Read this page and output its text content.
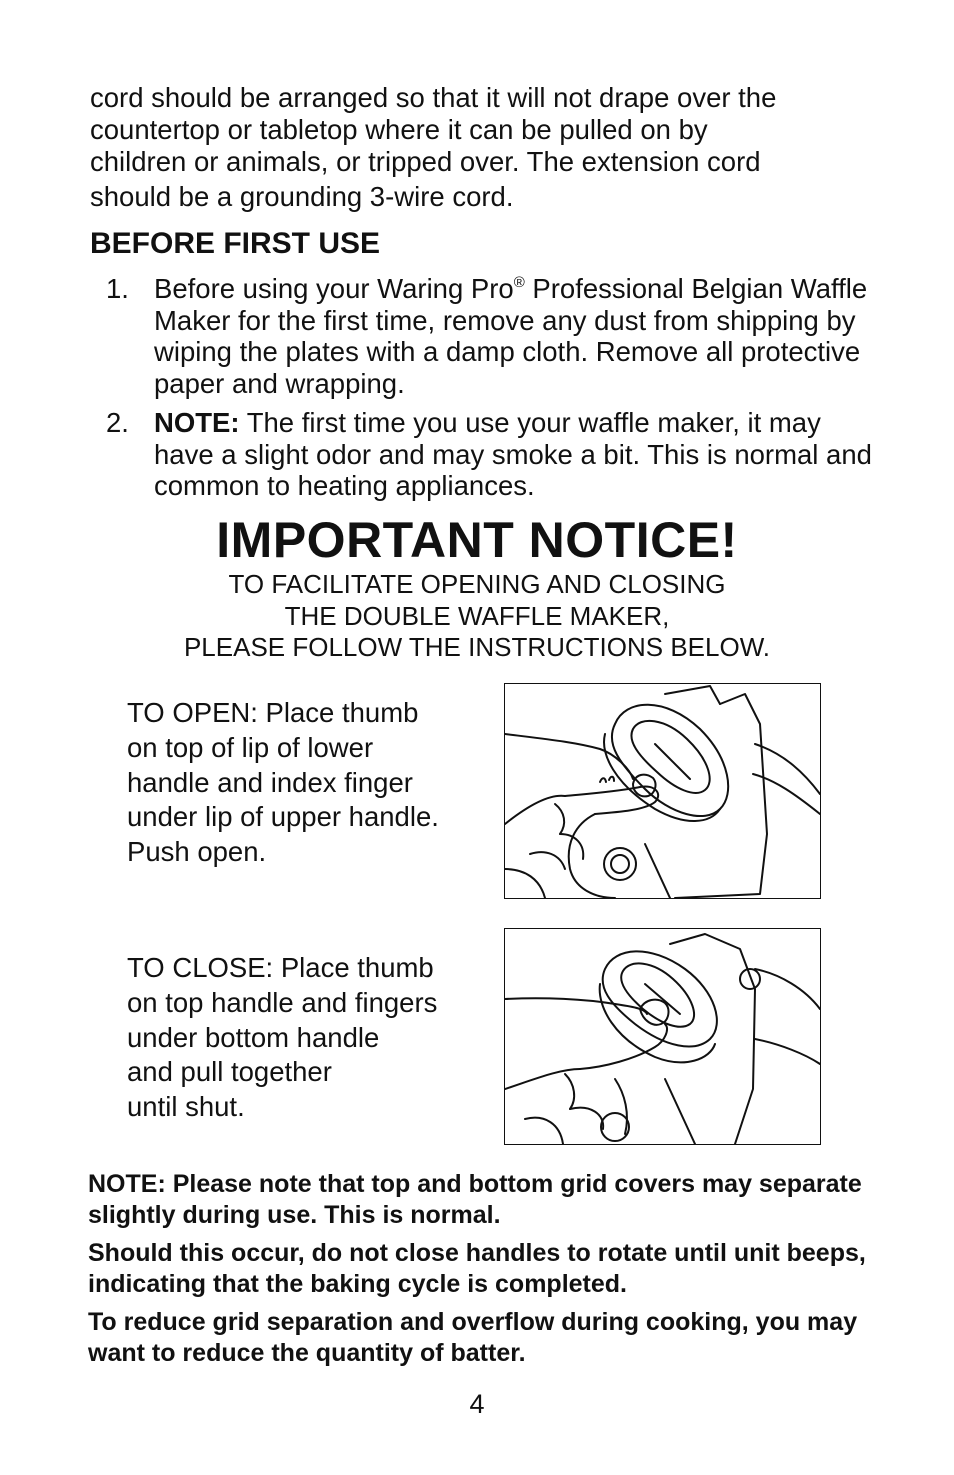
cord should be arranged so that it will not drape over the
countertop or tabletop where it can be pulled on by
children or animals, or tripped over. The extension cord
should be a grounding 3-wire cord.
BEFORE FIRST USE
1. Before using your Waring Pro® Professional Belgian Waffle Maker for the first time, remove any dust from shipping by wiping the plates with a damp cloth. Remove all protective paper and wrapping.
2. NOTE: The first time you use your waffle maker, it may have a slight odor and may smoke a bit. This is normal and common to heating appliances.
IMPORTANT NOTICE!
TO FACILITATE OPENING AND CLOSING
THE DOUBLE WAFFLE MAKER,
PLEASE FOLLOW THE INSTRUCTIONS BELOW.
TO OPEN: Place thumb
on top of lip of lower
handle and index finger
under lip of upper handle.
Push open.
TO CLOSE: Place thumb
on top handle and fingers
under bottom handle
and pull together
until shut.

NOTE: Please note that top and bottom grid covers may separate slightly during use. This is normal.

Should this occur, do not close handles to rotate until unit beeps, indicating that the baking cycle is completed.

To reduce grid separation and overflow during cooking, you may want to reduce the quantity of batter.

4
